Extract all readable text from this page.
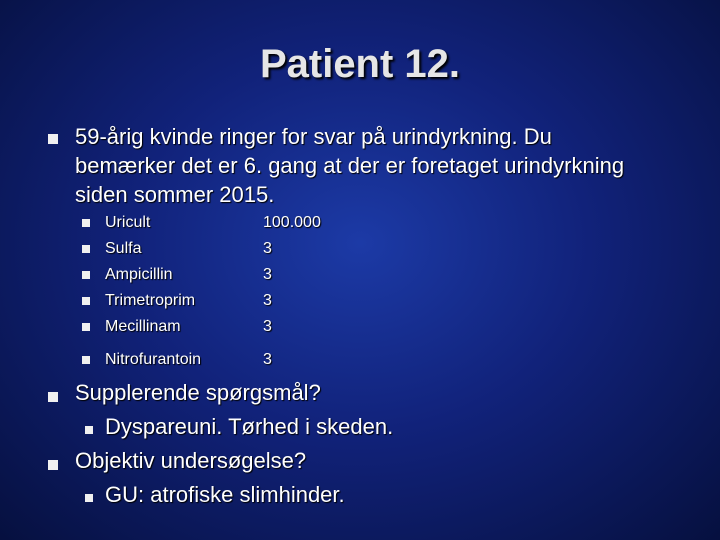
Patient 12.
59-årig kvinde ringer for svar på urindyrkning. Du
bemærker det er 6. gang at der er foretaget urindyrkning
siden sommer 2015.
Uricult	100.000
Sulfa	3
Ampicillin	3
Trimetroprim	3
Mecillinam	3
Nitrofurantoin	3
Supplerende spørgsmål?
Dyspareuni. Tørhed i skeden.
Objektiv undersøgelse?
GU: atrofiske slimhinder.
